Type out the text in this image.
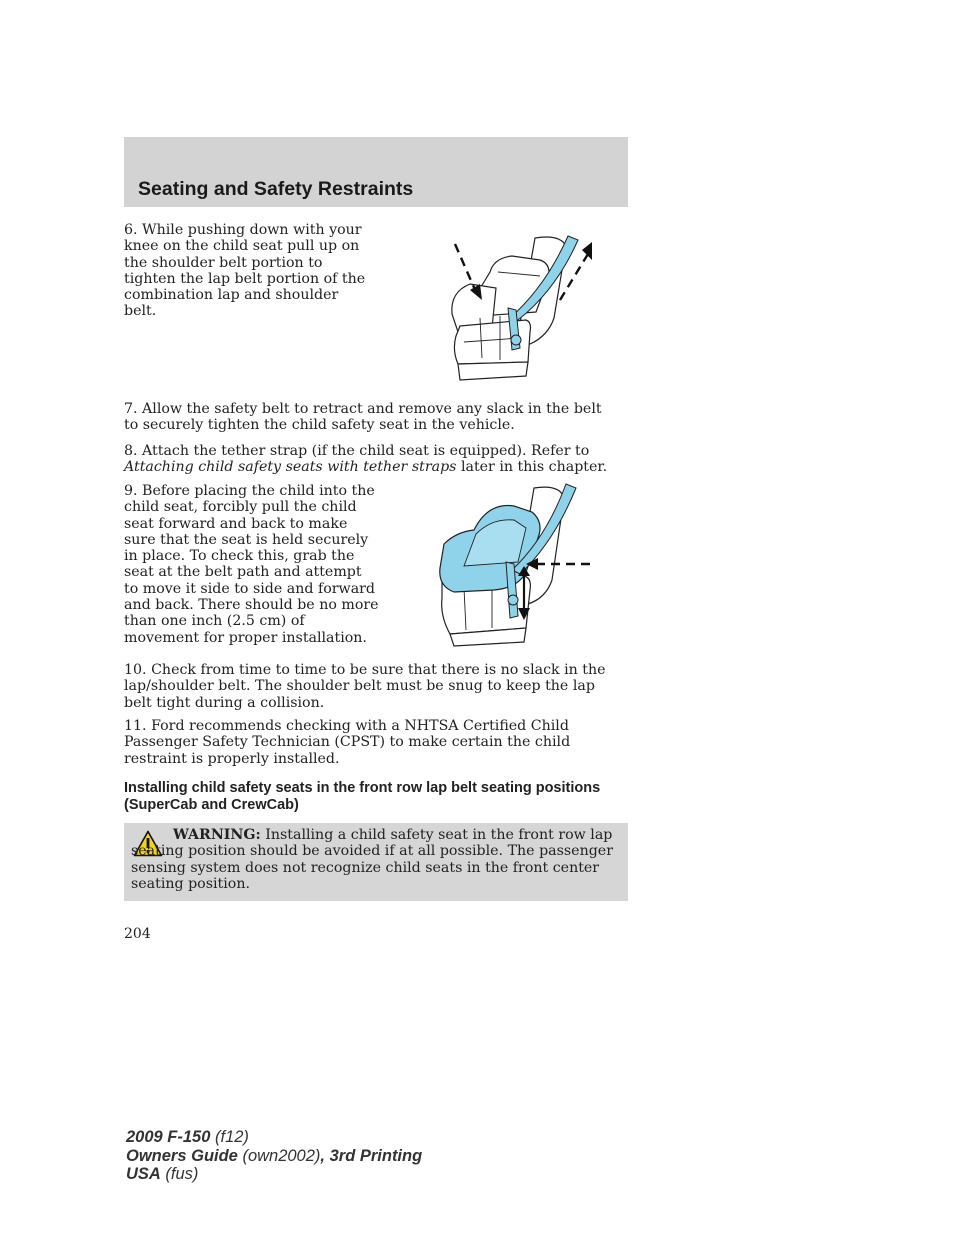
Seating and Safety Restraints

6. While pushing down with your knee on the child seat pull up on the shoulder belt portion to tighten the lap belt portion of the combination lap and shoulder belt.

7. Allow the safety belt to retract and remove any slack in the belt to securely tighten the child safety seat in the vehicle.

8. Attach the tether strap (if the child seat is equipped). Refer to Attaching child safety seats with tether straps later in this chapter.

9. Before placing the child into the child seat, forcibly pull the child seat forward and back to make sure that the seat is held securely in place. To check this, grab the seat at the belt path and attempt to move it side to side and forward and back. There should be no more than one inch (2.5 cm) of movement for proper installation.

10. Check from time to time to be sure that there is no slack in the lap/shoulder belt. The shoulder belt must be snug to keep the lap belt tight during a collision.

11. Ford recommends checking with a NHTSA Certified Child Passenger Safety Technician (CPST) to make certain the child restraint is properly installed.

Installing child safety seats in the front row lap belt seating positions (SuperCab and CrewCab)
WARNING: Installing a child safety seat in the front row lap seating position should be avoided if at all possible. The passenger sensing system does not recognize child seats in the front center seating position.
204
2009 F-150 (f12)
Owners Guide (own2002), 3rd Printing
USA (fus)
